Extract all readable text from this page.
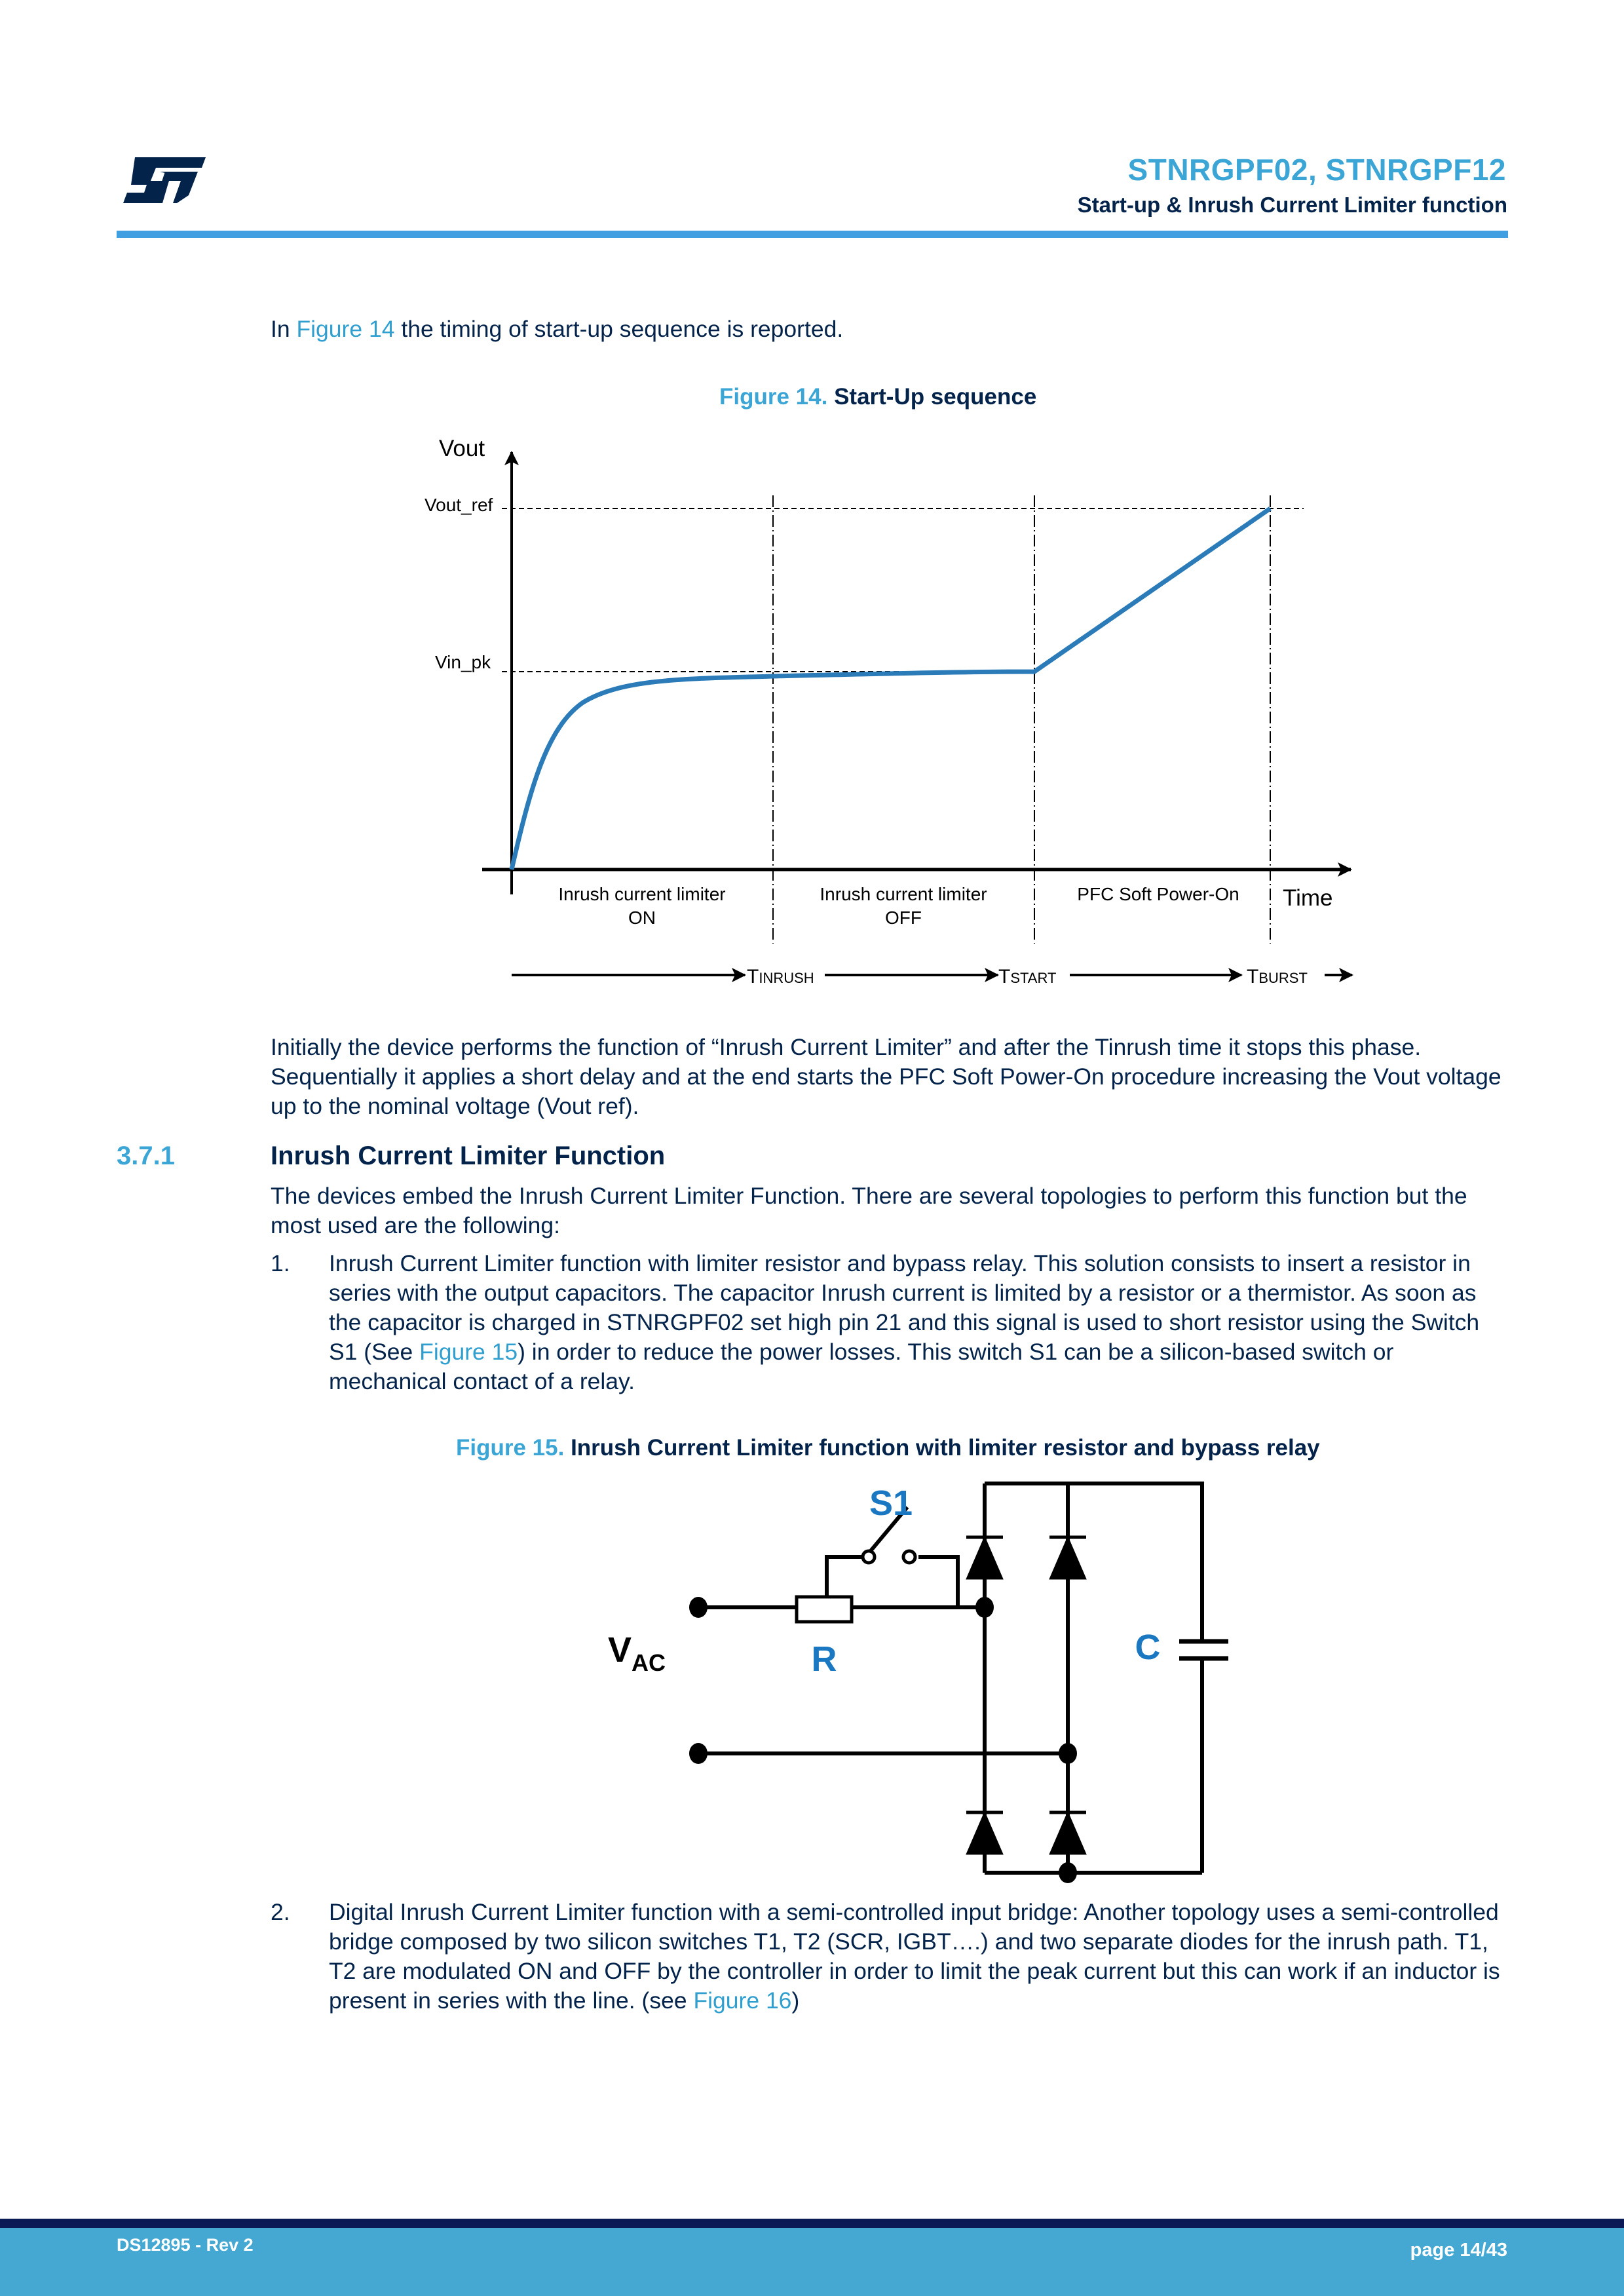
STNRGPF02, STNRGPF12
Start-up & Inrush Current Limiter function
In Figure 14 the timing of start-up sequence is reported.
Figure 14. Start-Up sequence
Vout
Vout_ref
Vin_pk
Time
Inrush current limiter
ON
Inrush current limiter
OFF
PFC Soft Power-On
TINRUSH	TSTART	TBURST
Initially the device performs the function of “Inrush Current Limiter” and after the Tinrush time it stops this phase. Sequentially it applies a short delay and at the end starts the PFC Soft Power-On procedure increasing the Vout voltage up to the nominal voltage (Vout ref).
3.7.1	Inrush Current Limiter Function
The devices embed the Inrush Current Limiter Function. There are several topologies to perform this function but the most used are the following:
1. Inrush Current Limiter function with limiter resistor and bypass relay. This solution consists to insert a resistor in series with the output capacitors. The capacitor Inrush current is limited by a resistor or a thermistor. As soon as the capacitor is charged in STNRGPF02 set high pin 21 and this signal is used to short resistor using the Switch S1 (See Figure 15) in order to reduce the power losses. This switch S1 can be a silicon-based switch or mechanical contact of a relay.
Figure 15. Inrush Current Limiter function with limiter resistor and bypass relay
S1
R	C
VAC
2. Digital Inrush Current Limiter function with a semi-controlled input bridge: Another topology uses a semi-controlled bridge composed by two silicon switches T1, T2 (SCR, IGBT….) and two separate diodes for the inrush path. T1, T2 are modulated ON and OFF by the controller in order to limit the peak current but this can work if an inductor is present in series with the line. (see Figure 16)
DS12895 - Rev 2	page 14/43
